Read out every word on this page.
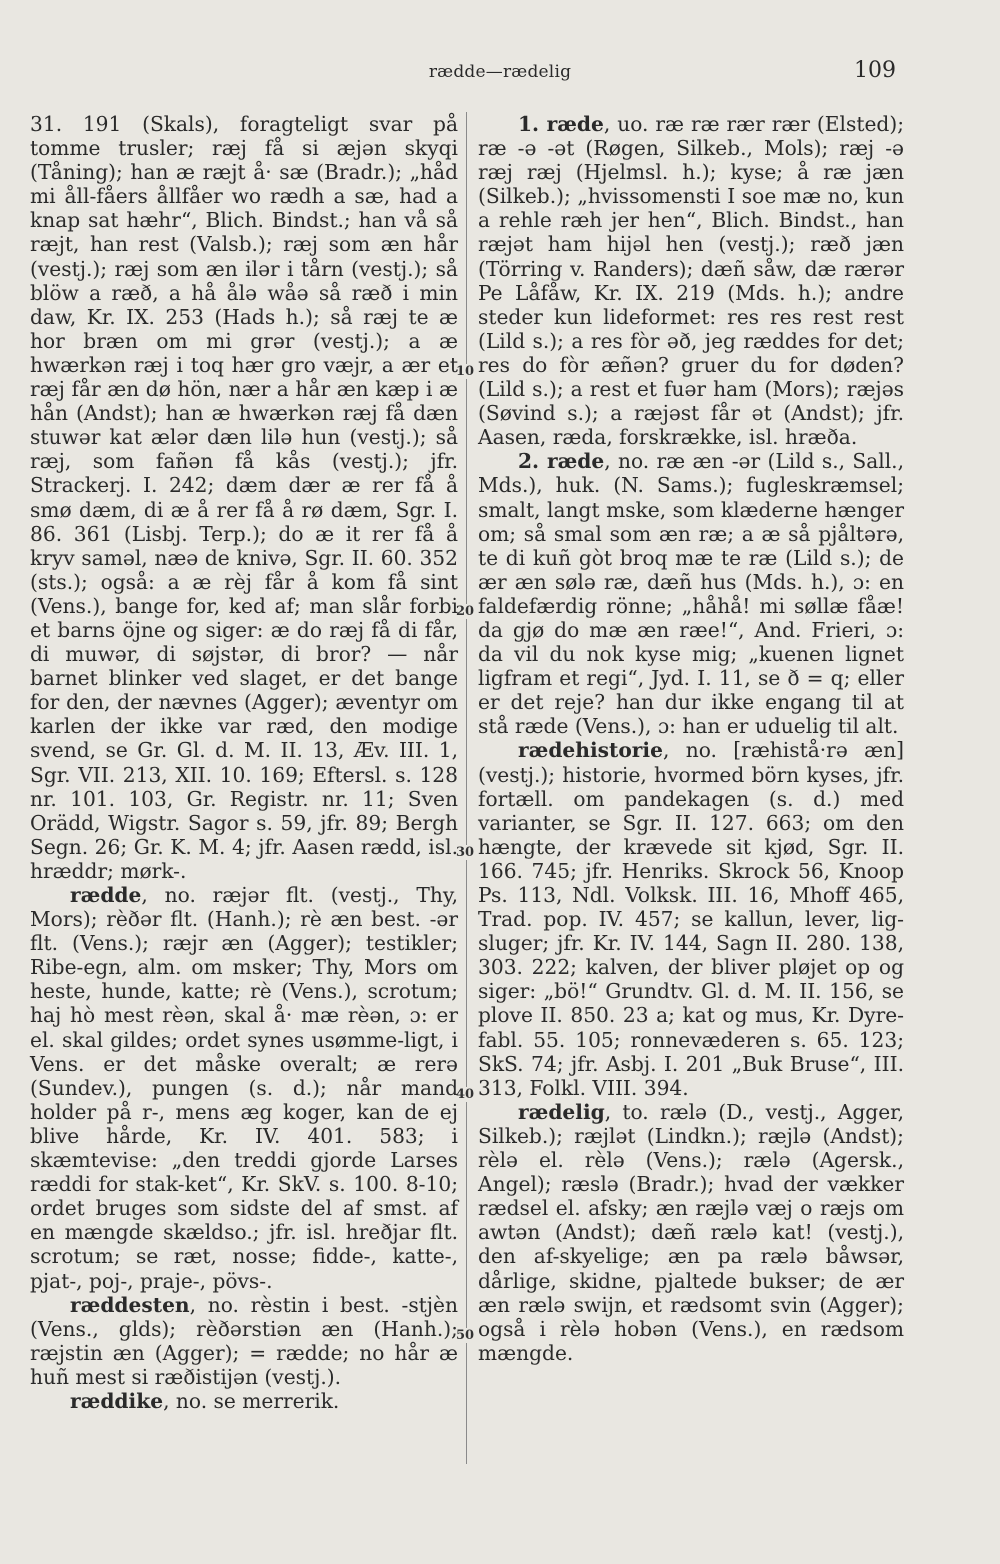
rædde—rædelig	109
10
20
30
40
50

31. 191 (Skals), foragteligt svar på tomme trusler; ræj få si æjən skyqi (Tåning); han æ ræjt å· sæ (Bradr.); „håd mi åll-fåers ållfåer wo rædh a sæ, had a knap sat hæhr“, Blich. Bindst.; han vå så ræjt, han rest (Valsb.); ræj som æn hår (vestj.); ræj som æn ilər i tårn (vestj.); så blöw a ræð, a hå ålə wåə så ræð i min daw, Kr. IX. 253 (Hads h.); så ræj te æ hor bræn om mi grər (vestj.); a æ hwærkən ræj i toq hær gro væjr, a ær et ræj får æn dø hön, nær a hår æn kæp i æ hån (Andst); han æ hwærkən ræj få dæn stuwər kat ælər dæn lilə hun (vestj.); så ræj, som fañən få kås (vestj.); jfr. Strackerj. I. 242; dæm dær æ rer få å smø dæm, di æ å rer få å rø dæm, Sgr. I. 86. 361 (Lisbj. Terp.); do æ it rer få å kryv saməl, næə de knivə, Sgr. II. 60. 352 (sts.); også: a æ rèj får å kom få sint (Vens.), bange for, ked af; man slår forbi et barns öjne og siger: æ do ræj få di får, di muwər, di søjstər, di bror? — når barnet blinker ved slaget, er det bange for den, der nævnes (Agger); æventyr om karlen der ikke var ræd, den modige svend, se Gr. Gl. d. M. II. 13, Æv. III. 1, Sgr. VII. 213, XII. 10. 169; Eftersl. s. 128 nr. 101. 103, Gr. Registr. nr. 11; Sven Orädd, Wigstr. Sagor s. 59, jfr. 89; Bergh Segn. 26; Gr. K. M. 4; jfr. Aasen rædd, isl. hræddr; mørk-.

rædde, no. ræjər flt. (vestj., Thy, Mors); rèðər flt. (Hanh.); rè æn best. -ər flt. (Vens.); ræjr æn (Agger); testikler; Ribe-egn, alm. om msker; Thy, Mors om heste, hunde, katte; rè (Vens.), scrotum; haj hò mest rèən, skal å· mæ rèən, ɔ: er el. skal gildes; ordet synes usømme-ligt, i Vens. er det måske overalt; æ rerə (Sundev.), pungen (s. d.); når mand holder på r-, mens æg koger, kan de ej blive hårde, Kr. IV. 401. 583; i skæmtevise: „den treddi gjorde Larses ræddi for stak-ket“, Kr. SkV. s. 100. 8-10; ordet bruges som sidste del af smst. af en mængde skældso.; jfr. isl. hreðjar flt. scrotum; se ræt, nosse; fidde-, katte-, pjat-, poj-, praje-, pövs-.

ræddesten, no. rèstin i best. -stjèn (Vens., glds); rèðərstiən æn (Hanh.); ræjstin æn (Agger); = rædde; no hår æ huñ mest si ræðistijən (vestj.).

ræddike, no. se merrerik.

1. ræde, uo. ræ ræ rær rær (Elsted); ræ -ə -ət (Røgen, Silkeb., Mols); ræj -ə ræj ræj (Hjelmsl. h.); kyse; å ræ jæn (Silkeb.); „hvissomensti I soe mæ no, kun a rehle ræh jer hen“, Blich. Bindst., han ræjət ham hijəl hen (vestj.); ræð jæn (Törring v. Randers); dæñ såw, dæ rærər Pe Låfåw, Kr. IX. 219 (Mds. h.); andre steder kun lideformet: res res rest rest (Lild s.); a res fòr əð, jeg ræddes for det; res do fòr æñən? gruer du for døden? (Lild s.); a rest et fuər ham (Mors); ræjəs (Søvind s.); a ræjəst får ət (Andst); jfr. Aasen, ræda, forskrække, isl. hræða.

2. ræde, no. ræ æn -ər (Lild s., Sall., Mds.), huk. (N. Sams.); fugleskræmsel; smalt, langt mske, som klæderne hænger om; så smal som æn ræ; a æ så pjåltərə, te di kuñ gòt broq mæ te ræ (Lild s.); de ær æn sølə ræ, dæñ hus (Mds. h.), ɔ: en faldefærdig rönne; „håhå! mi søllæ fåæ! da gjø do mæ æn ræe!“, And. Frieri, ɔ: da vil du nok kyse mig; „kuenen lignet ligfram et regi“, Jyd. I. 11, se ð = q; eller er det reje? han dur ikke engang til at stå ræde (Vens.), ɔ: han er uduelig til alt.

rædehistorie, no. [ræhistå·rə æn] (vestj.); historie, hvormed börn kyses, jfr. fortæll. om pandekagen (s. d.) med varianter, se Sgr. II. 127. 663; om den hængte, der krævede sit kjød, Sgr. II. 166. 745; jfr. Henriks. Skrock 56, Knoop Ps. 113, Ndl. Volksk. III. 16, Mhoff 465, Trad. pop. IV. 457; se kallun, lever, lig-sluger; jfr. Kr. IV. 144, Sagn II. 280. 138, 303. 222; kalven, der bliver pløjet op og siger: „bö!“ Grundtv. Gl. d. M. II. 156, se plove II. 850. 23 a; kat og mus, Kr. Dyre-fabl. 55. 105; ronnevæderen s. 65. 123; SkS. 74; jfr. Asbj. I. 201 „Buk Bruse“, III. 313, Folkl. VIII. 394.

rædelig, to. rælə (D., vestj., Agger, Silkeb.); ræjlət (Lindkn.); ræjlə (Andst); rèlə el. rèlə (Vens.); rælə (Agersk., Angel); ræslə (Bradr.); hvad der vækker rædsel el. afsky; æn ræjlə væj o ræjs om awtən (Andst); dæñ rælə kat! (vestj.), den af-skyelige; æn pa rælə båwsər, dårlige, skidne, pjaltede bukser; de ær æn rælə swijn, et rædsomt svin (Agger); også i rèlə hobən (Vens.), en rædsom mængde.
